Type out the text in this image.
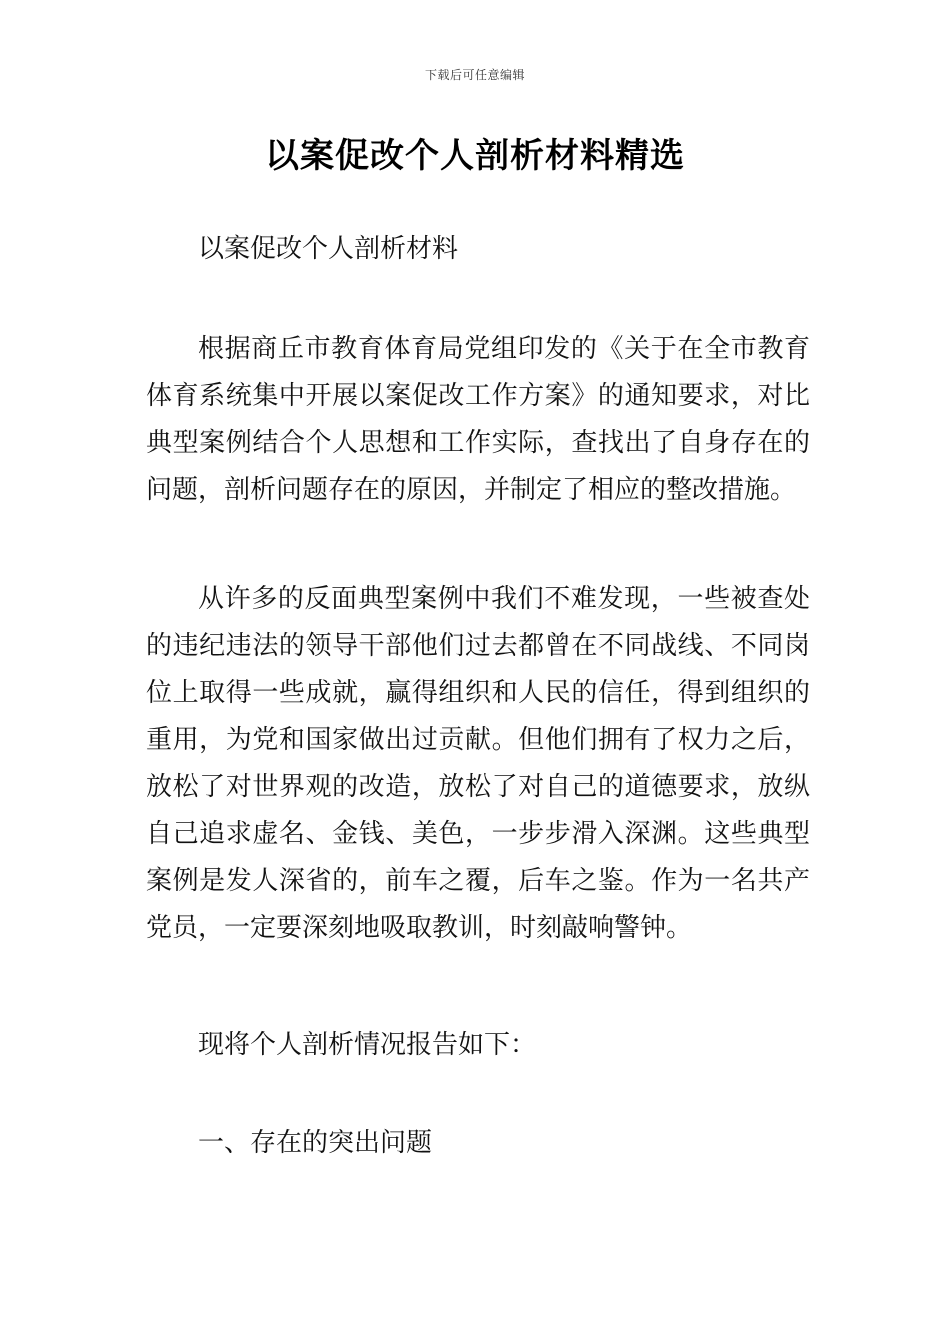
下载后可任意编辑
以案促改个人剖析材料精选

以案促改个人剖析材料

根据商丘市教育体育局党组印发的《关于在全市教育体育系统集中开展以案促改工作方案》的通知要求，对比典型案例结合个人思想和工作实际，查找出了自身存在的问题，剖析问题存在的原因，并制定了相应的整改措施。

从许多的反面典型案例中我们不难发现，一些被查处的违纪违法的领导干部他们过去都曾在不同战线、不同岗位上取得一些成就，赢得组织和人民的信任，得到组织的重用，为党和国家做出过贡献。但他们拥有了权力之后，放松了对世界观的改造，放松了对自己的道德要求，放纵自己追求虚名、金钱、美色，一步步滑入深渊。这些典型案例是发人深省的，前车之覆，后车之鉴。作为一名共产党员，一定要深刻地吸取教训，时刻敲响警钟。

现将个人剖析情况报告如下：

一、存在的突出问题
